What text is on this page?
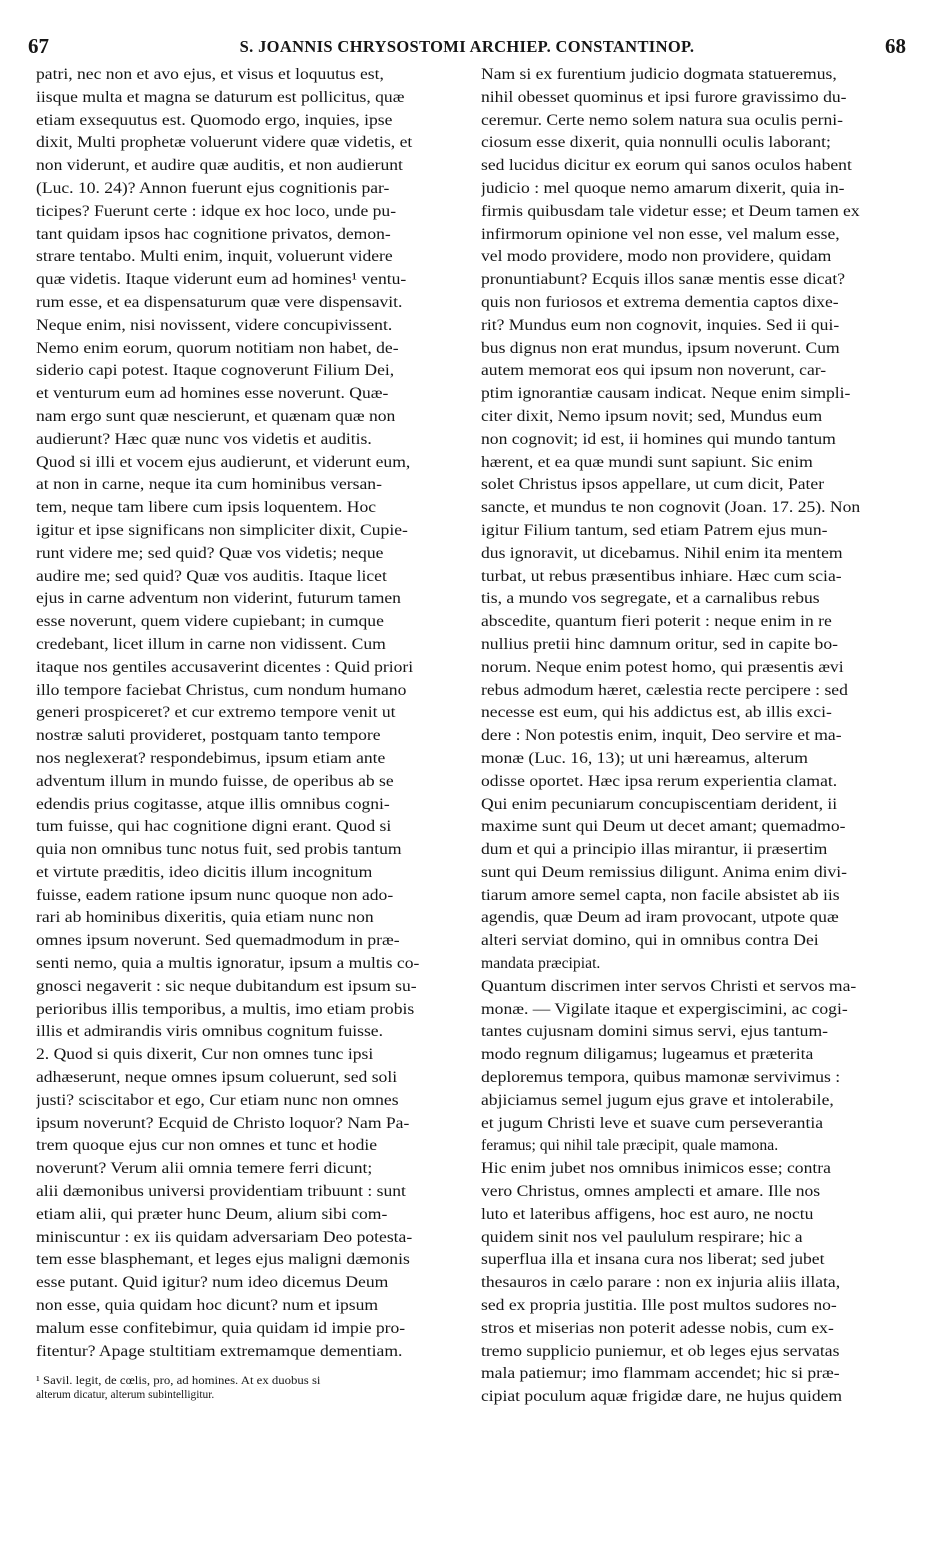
67	S. JOANNIS CHRYSOSTOMI ARCHIEP. CONSTANTINOP.	68
patri, nec non et avo ejus, et visus et loquutus est,
iisque multa et magna se daturum est pollicitus, quæ
etiam exsequutus est. Quomodo ergo, inquies, ipse
dixit, Multi prophetæ voluerunt videre quæ videtis, et
non viderunt, et audire quæ auditis, et non audierunt
(Luc. 10. 24)? Annon fuerunt ejus cognitionis par-
ticipes? Fuerunt certe : idque ex hoc loco, unde pu-
tant quidam ipsos hac cognitione privatos, demon-
strare tentabo. Multi enim, inquit, voluerunt videre
quæ videtis. Itaque viderunt eum ad homines¹ ventu-
rum esse, et ea dispensaturum quæ vere dispensavit.
Neque enim, nisi novissent, videre concupivissent.
Nemo enim eorum, quorum notitiam non habet, de-
siderio capi potest. Itaque cognoverunt Filium Dei,
et venturum eum ad homines esse noverunt. Quæ-
nam ergo sunt quæ nescierunt, et quænam quæ non
audierunt? Hæc quæ nunc vos videtis et auditis.
Quod si illi et vocem ejus audierunt, et viderunt eum,
at non in carne, neque ita cum hominibus versan-
tem, neque tam libere cum ipsis loquentem. Hoc
igitur et ipse significans non simpliciter dixit, Cupie-
runt videre me; sed quid? Quæ vos videtis; neque
audire me; sed quid? Quæ vos auditis. Itaque licet
ejus in carne adventum non viderint, futurum tamen
esse noverunt, quem videre cupiebant; in cumque
credebant, licet illum in carne non vidissent. Cum
itaque nos gentiles accusaverint dicentes : Quid priori
illo tempore faciebat Christus, cum nondum humano
generi prospiceret? et cur extremo tempore venit ut
nostræ saluti provideret, postquam tanto tempore
nos neglexerat? respondebimus, ipsum etiam ante
adventum illum in mundo fuisse, de operibus ab se
edendis prius cogitasse, atque illis omnibus cogni-
tum fuisse, qui hac cognitione digni erant. Quod si
quia non omnibus tunc notus fuit, sed probis tantum
et virtute præditis, ideo dicitis illum incognitum
fuisse, eadem ratione ipsum nunc quoque non ado-
rari ab hominibus dixeritis, quia etiam nunc non
omnes ipsum noverunt. Sed quemadmodum in præ-
senti nemo, quia a multis ignoratur, ipsum a multis co-
gnosci negaverit : sic neque dubitandum est ipsum su-
perioribus illis temporibus, a multis, imo etiam probis
illis et admirandis viris omnibus cognitum fuisse.
2. Quod si quis dixerit, Cur non omnes tunc ipsi
adhæserunt, neque omnes ipsum coluerunt, sed soli
justi? sciscitabor et ego, Cur etiam nunc non omnes
ipsum noverunt? Ecquid de Christo loquor? Nam Pa-
trem quoque ejus cur non omnes et tunc et hodie
noverunt? Verum alii omnia temere ferri dicunt;
alii dæmonibus universi providentiam tribuunt : sunt
etiam alii, qui præter hunc Deum, alium sibi com-
miniscuntur : ex iis quidam adversariam Deo potesta-
tem esse blasphemant, et leges ejus maligni dæmonis
esse putant. Quid igitur? num ideo dicemus Deum
non esse, quia quidam hoc dicunt? num et ipsum
malum esse confitebimur, quia quidam id impie pro-
fitentur? Apage stultitiam extremamque dementiam.
¹ Savil. legit, de cœlis, pro, ad homines. At ex duobus si
alterum dicatur, alterum subintelligitur.
Nam si ex furentium judicio dogmata statueremus,
nihil obesset quominus et ipsi furore gravissimo du-
ceremur. Certe nemo solem natura sua oculis perni-
ciosum esse dixerit, quia nonnulli oculis laborant;
sed lucidus dicitur ex eorum qui sanos oculos habent
judicio : mel quoque nemo amarum dixerit, quia in-
firmis quibusdam tale videtur esse; et Deum tamen ex
infirmorum opinione vel non esse, vel malum esse,
vel modo providere, modo non providere, quidam
pronuntiabunt? Ecquis illos sanæ mentis esse dicat?
quis non furiosos et extrema dementia captos dixe-
rit? Mundus eum non cognovit, inquies. Sed ii qui-
bus dignus non erat mundus, ipsum noverunt. Cum
autem memorat eos qui ipsum non noverunt, car-
ptim ignorantiæ causam indicat. Neque enim simpli-
citer dixit, Nemo ipsum novit; sed, Mundus eum
non cognovit; id est, ii homines qui mundo tantum
hærent, et ea quæ mundi sunt sapiunt. Sic enim
solet Christus ipsos appellare, ut cum dicit, Pater
sancte, et mundus te non cognovit (Joan. 17. 25). Non
igitur Filium tantum, sed etiam Patrem ejus mun-
dus ignoravit, ut dicebamus. Nihil enim ita mentem
turbat, ut rebus præsentibus inhiare. Hæc cum scia-
tis, a mundo vos segregate, et a carnalibus rebus
abscedite, quantum fieri poterit : neque enim in re
nullius pretii hinc damnum oritur, sed in capite bo-
norum. Neque enim potest homo, qui præsentis ævi
rebus admodum hæret, cælestia recte percipere : sed
necesse est eum, qui his addictus est, ab illis exci-
dere : Non potestis enim, inquit, Deo servire et ma-
monæ (Luc. 16, 13); ut uni hæreamus, alterum
odisse oportet. Hæc ipsa rerum experientia clamat.
Qui enim pecuniarum concupiscentiam derident, ii
maxime sunt qui Deum ut decet amant; quemadmo-
dum et qui a principio illas mirantur, ii præsertim
sunt qui Deum remissius diligunt. Anima enim divi-
tiarum amore semel capta, non facile absistet ab iis
agendis, quæ Deum ad iram provocant, utpote quæ
alteri serviat domino, qui in omnibus contra Dei
mandata præcipiat.
Quantum discrimen inter servos Christi et servos ma-
monæ. — Vigilate itaque et expergiscimini, ac cogi-
tantes cujusnam domini simus servi, ejus tantum-
modo regnum diligamus; lugeamus et præterita
deploremus tempora, quibus mamonæ servivimus :
abjiciamus semel jugum ejus grave et intolerabile,
et jugum Christi leve et suave cum perseverantia
feramus; qui nihil tale præcipit, quale mamona.
Hic enim jubet nos omnibus inimicos esse; contra
vero Christus, omnes amplecti et amare. Ille nos
luto et lateribus affigens, hoc est auro, ne noctu
quidem sinit nos vel paululum respirare; hic a
superflua illa et insana cura nos liberat; sed jubet
thesauros in cælo parare : non ex injuria aliis illata,
sed ex propria justitia. Ille post multos sudores no-
stros et miserias non poterit adesse nobis, cum ex-
tremo supplicio puniemur, et ob leges ejus servatas
mala patiemur; imo flammam accendet; hic si præ-
cipiat poculum aquæ frigidæ dare, ne hujus quidem
